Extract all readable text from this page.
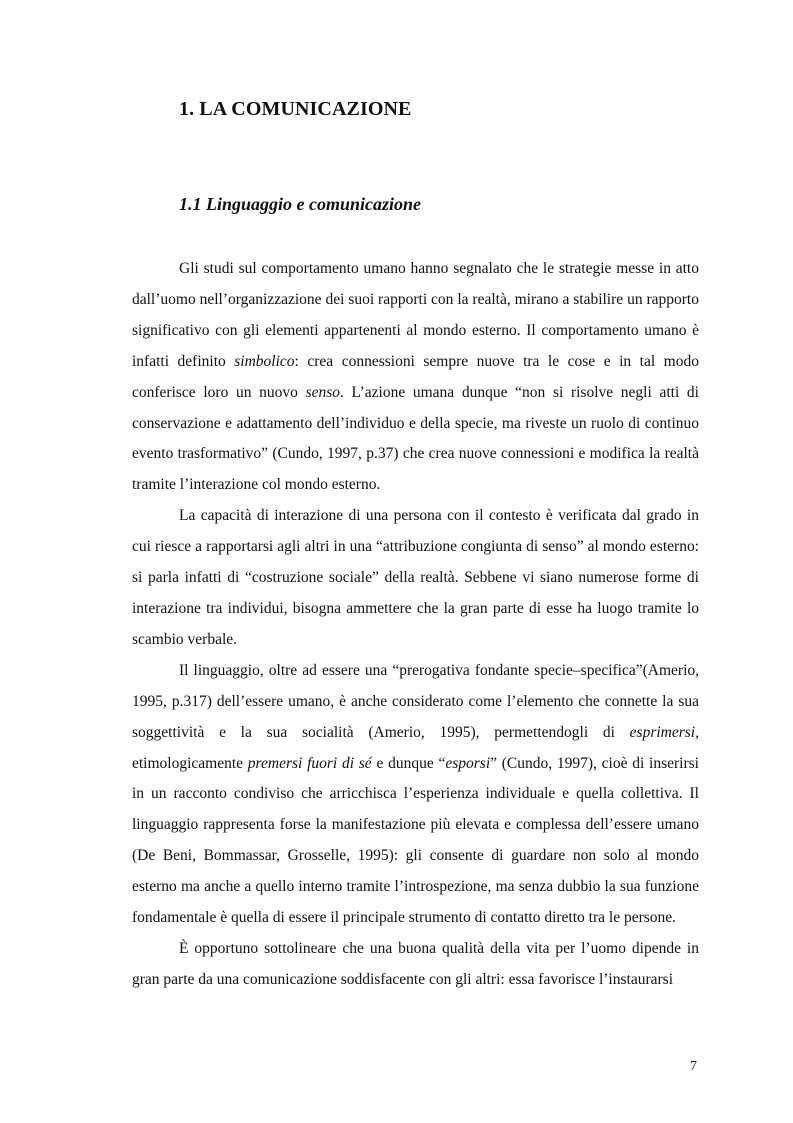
1. LA COMUNICAZIONE
1.1 Linguaggio e comunicazione

Gli studi sul comportamento umano hanno segnalato che le strategie messe in atto dall’uomo nell’organizzazione dei suoi rapporti con la realtà, mirano a stabilire un rapporto significativo con gli elementi appartenenti al mondo esterno. Il comportamento umano è infatti definito simbolico: crea connessioni sempre nuove tra le cose e in tal modo conferisce loro un nuovo senso. L’azione umana dunque “non si risolve negli atti di conservazione e adattamento dell’individuo e della specie, ma riveste un ruolo di continuo evento trasformativo” (Cundo, 1997, p.37) che crea nuove connessioni e modifica la realtà tramite l’interazione col mondo esterno.

La capacità di interazione di una persona con il contesto è verificata dal grado in cui riesce a rapportarsi agli altri in una “attribuzione congiunta di senso” al mondo esterno: si parla infatti di “costruzione sociale” della realtà. Sebbene vi siano numerose forme di interazione tra individui, bisogna ammettere che la gran parte di esse ha luogo tramite lo scambio verbale.

Il linguaggio, oltre ad essere una “prerogativa fondante specie–specifica”(Amerio, 1995, p.317) dell’essere umano, è anche considerato come l’elemento che connette la sua soggettività e la sua socialità (Amerio, 1995), permettendogli di esprimersi, etimologicamente premersi fuori di sé e dunque “esporsi” (Cundo, 1997), cioè di inserirsi in un racconto condiviso che arricchisca l’esperienza individuale e quella collettiva. Il linguaggio rappresenta forse la manifestazione più elevata e complessa dell’essere umano (De Beni, Bommassar, Grosselle, 1995): gli consente di guardare non solo al mondo esterno ma anche a quello interno tramite l’introspezione, ma senza dubbio la sua funzione fondamentale è quella di essere il principale strumento di contatto diretto tra le persone.

È opportuno sottolineare che una buona qualità della vita per l’uomo dipende in gran parte da una comunicazione soddisfacente con gli altri: essa favorisce l’instaurarsi

7
